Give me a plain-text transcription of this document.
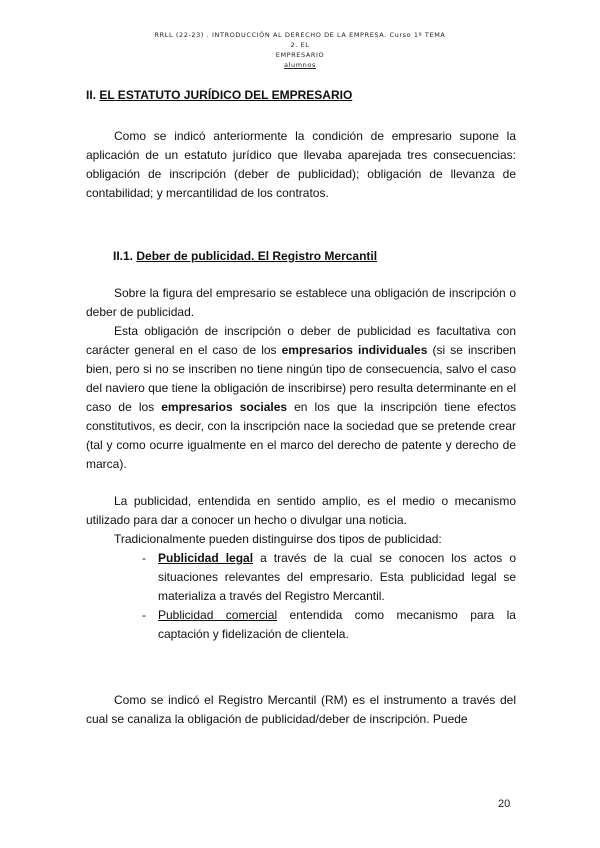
RRLL (22-23) . INTRODUCCIÓN AL DERECHO DE LA EMPRESA. Curso 1º TEMA 2. EL
EMPRESARIO
alumnos
II. EL ESTATUTO JURÍDICO DEL EMPRESARIO

Como se indicó anteriormente la condición de empresario supone la aplicación de un estatuto jurídico que llevaba aparejada tres consecuencias: obligación de inscripción (deber de publicidad); obligación de llevanza de contabilidad; y mercantilidad de los contratos.

II.1. Deber de publicidad. El Registro Mercantil

Sobre la figura del empresario se establece una obligación de inscripción o deber de publicidad.

Esta obligación de inscripción o deber de publicidad es facultativa con carácter general en el caso de los empresarios individuales (si se inscriben bien, pero si no se inscriben no tiene ningún tipo de consecuencia, salvo el caso del naviero que tiene la obligación de inscribirse) pero resulta determinante en el caso de los empresarios sociales en los que la inscripción tiene efectos constitutivos, es decir, con la inscripción nace la sociedad que se pretende crear (tal y como ocurre igualmente en el marco del derecho de patente y derecho de marca).

La publicidad, entendida en sentido amplio, es el medio o mecanismo utilizado para dar a conocer un hecho o divulgar una noticia.

Tradicionalmente pueden distinguirse dos tipos de publicidad:

- Publicidad legal a través de la cual se conocen los actos o situaciones relevantes del empresario. Esta publicidad legal se materializa a través del Registro Mercantil.
- Publicidad comercial entendida como mecanismo para la captación y fidelización de clientela.

Como se indicó el Registro Mercantil (RM) es el instrumento a través del cual se canaliza la obligación de publicidad/deber de inscripción. Puede

20
